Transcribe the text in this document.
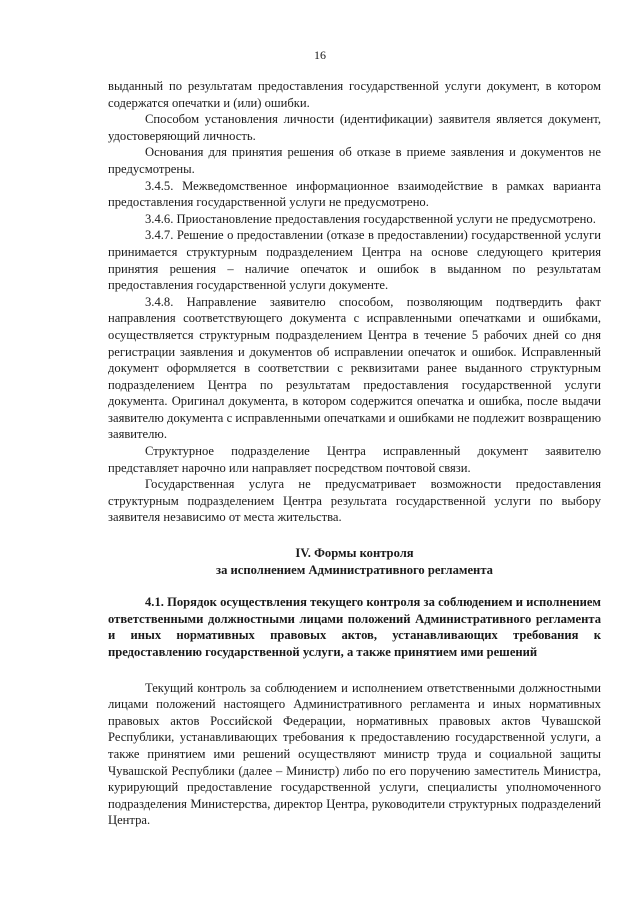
16

выданный по результатам предоставления государственной услуги документ, в котором содержатся опечатки и (или) ошибки.

Способом установления личности (идентификации) заявителя является документ, удостоверяющий личность.

Основания для принятия решения об отказе в приеме заявления и документов не предусмотрены.

3.4.5. Межведомственное информационное взаимодействие в рамках варианта предоставления государственной услуги не предусмотрено.

3.4.6. Приостановление предоставления государственной услуги не предусмотрено.

3.4.7. Решение о предоставлении (отказе в предоставлении) государственной услуги принимается структурным подразделением Центра на основе следующего критерия принятия решения – наличие опечаток и ошибок в выданном по результатам предоставления государственной услуги документе.

3.4.8. Направление заявителю способом, позволяющим подтвердить факт направления соответствующего документа с исправленными опечатками и ошибками, осуществляется структурным подразделением Центра в течение 5 рабочих дней со дня регистрации заявления и документов об исправлении опечаток и ошибок. Исправленный документ оформляется в соответствии с реквизитами ранее выданного структурным подразделением Центра по результатам предоставления государственной услуги документа. Оригинал документа, в котором содержится опечатка и ошибка, после выдачи заявителю документа с исправленными опечатками и ошибками не подлежит возвращению заявителю.

Структурное подразделение Центра исправленный документ заявителю представляет нарочно или направляет посредством почтовой связи.

Государственная услуга не предусматривает возможности предоставления структурным подразделением Центра результата государственной услуги по выбору заявителя независимо от места жительства.

IV. Формы контроля
за исполнением Административного регламента

4.1. Порядок осуществления текущего контроля за соблюдением и исполнением ответственными должностными лицами положений Административного регламента и иных нормативных правовых актов, устанавливающих требования к предоставлению государственной услуги, а также принятием ими решений

Текущий контроль за соблюдением и исполнением ответственными должностными лицами положений настоящего Административного регламента и иных нормативных правовых актов Российской Федерации, нормативных правовых актов Чувашской Республики, устанавливающих требования к предоставлению государственной услуги, а также принятием ими решений осуществляют министр труда и социальной защиты Чувашской Республики (далее – Министр) либо по его поручению заместитель Министра, курирующий предоставление государственной услуги, специалисты уполномоченного подразделения Министерства, директор Центра, руководители структурных подразделений Центра.
